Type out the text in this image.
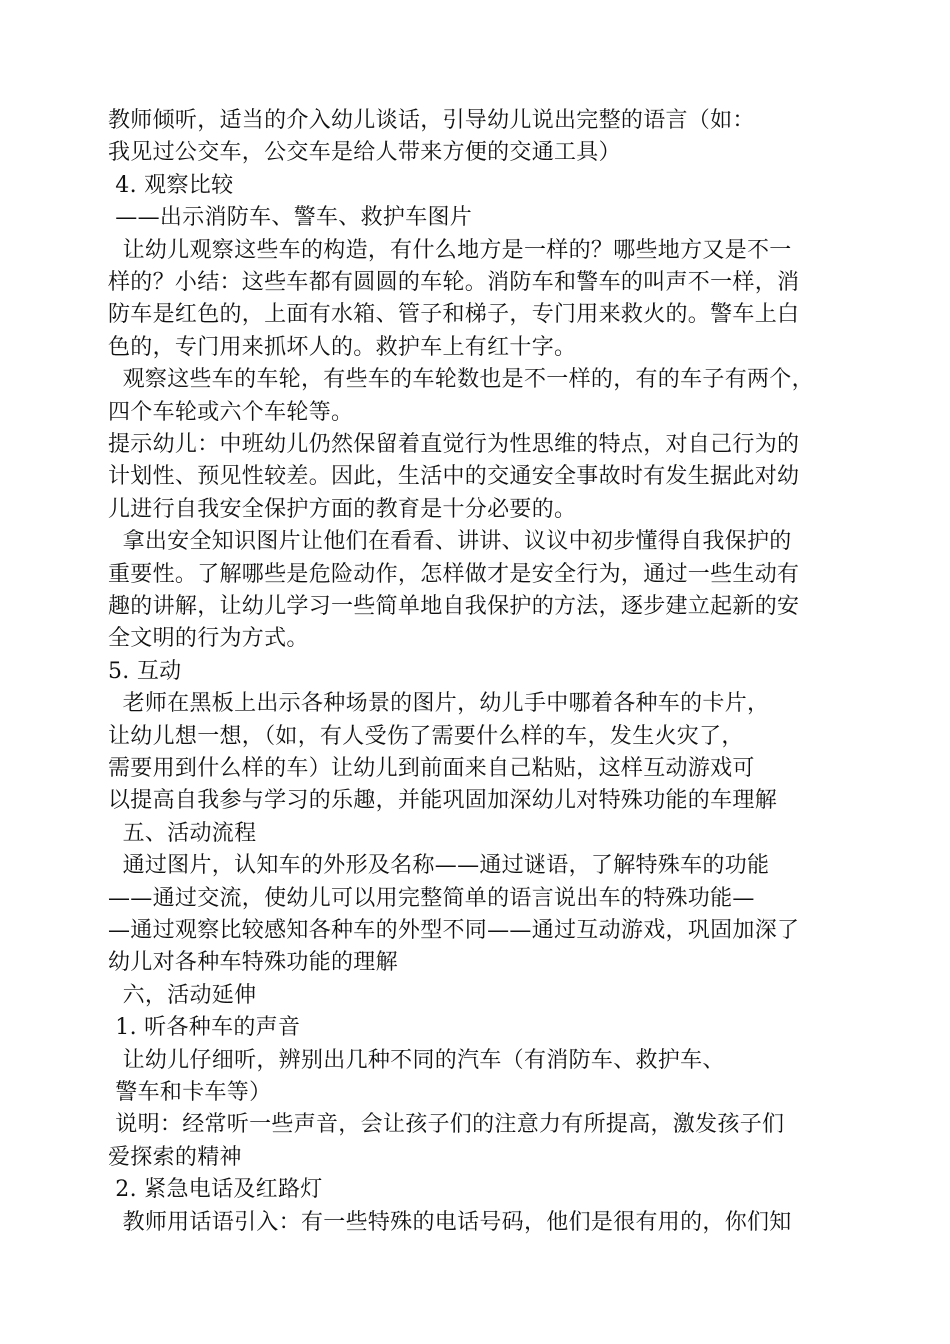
教师倾听，适当的介入幼儿谈话，引导幼儿说出完整的语言（如：
我见过公交车，公交车是给人带来方便的交通工具）
4. 观察比较
——出示消防车、警车、救护车图片
让幼儿观察这些车的构造，有什么地方是一样的？哪些地方又是不一
样的？小结：这些车都有圆圆的车轮。消防车和警车的叫声不一样，消
防车是红色的，上面有水箱、管子和梯子，专门用来救火的。警车上白
色的，专门用来抓坏人的。救护车上有红十字。
观察这些车的车轮，有些车的车轮数也是不一样的，有的车子有两个，
四个车轮或六个车轮等。
提示幼儿：中班幼儿仍然保留着直觉行为性思维的特点，对自己行为的
计划性、预见性较差。因此，生活中的交通安全事故时有发生据此对幼
儿进行自我安全保护方面的教育是十分必要的。
拿出安全知识图片让他们在看看、讲讲、议议中初步懂得自我保护的
重要性。了解哪些是危险动作，怎样做才是安全行为，通过一些生动有
趣的讲解，让幼儿学习一些简单地自我保护的方法，逐步建立起新的安
全文明的行为方式。
5. 互动
老师在黑板上出示各种场景的图片，幼儿手中哪着各种车的卡片，
让幼儿想一想，（如，有人受伤了需要什么样的车，发生火灾了，
需要用到什么样的车）让幼儿到前面来自己粘贴，这样互动游戏可
以提高自我参与学习的乐趣，并能巩固加深幼儿对特殊功能的车理解
五、活动流程
通过图片，认知车的外形及名称——通过谜语，了解特殊车的功能
——通过交流，使幼儿可以用完整简单的语言说出车的特殊功能—
—通过观察比较感知各种车的外型不同——通过互动游戏，巩固加深了
幼儿对各种车特殊功能的理解
六，活动延伸
1. 听各种车的声音
让幼儿仔细听，辨别出几种不同的汽车（有消防车、救护车、
警车和卡车等）
说明：经常听一些声音，会让孩子们的注意力有所提高，激发孩子们
爱探索的精神
2. 紧急电话及红路灯
教师用话语引入：有一些特殊的电话号码，他们是很有用的，你们知
